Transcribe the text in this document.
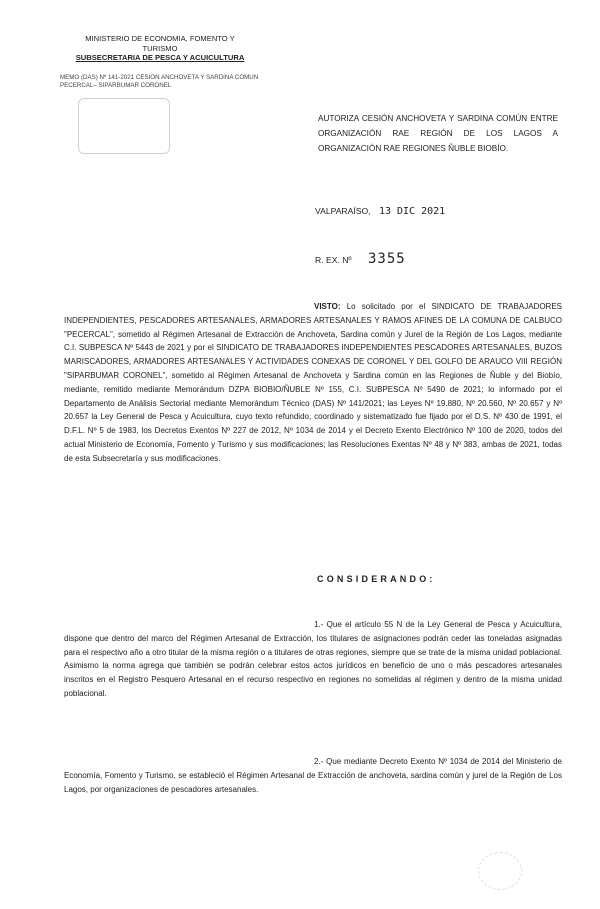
MINISTERIO DE ECONOMIA, FOMENTO Y
TURISMO
SUBSECRETARIA DE PESCA Y ACUICULTURA
MEMO (DAS) Nº 141-2021 CESION ANCHOVETA Y SARDINA COMUN PECERCAL– SIPARBUMAR CORONEL
AUTORIZA CESIÓN ANCHOVETA Y SARDINA COMÚN ENTRE ORGANIZACIÓN RAE REGIÓN DE LOS LAGOS A ORGANIZACIÓN RAE REGIONES ÑUBLE BIOBÍO.
VALPARAÍSO, 13 DIC 2021
R. EX. Nº 3355
VISTO: Lo solicitado por el SINDICATO DE TRABAJADORES INDEPENDIENTES, PESCADORES ARTESANALES, ARMADORES ARTESANALES Y RAMOS AFINES DE LA COMUNA DE CALBUCO "PECERCAL", sometido al Régimen Artesanal de Extracción de Anchoveta, Sardina común y Jurel de la Región de Los Lagos, mediante C.I. SUBPESCA Nº 5443 de 2021 y por el SINDICATO DE TRABAJADORES INDEPENDIENTES PESCADORES ARTESANALES, BUZOS MARISCADORES, ARMADORES ARTESANALES Y ACTIVIDADES CONEXAS DE CORONEL Y DEL GOLFO DE ARAUCO VIII REGIÓN "SIPARBUMAR CORONEL", sometido al Régimen Artesanal de Anchoveta y Sardina común en las Regiones de Ñuble y del Biobío, mediante, remitido mediante Memorándum DZPA BIOBIO/ÑUBLE Nº 155, C.I. SUBPESCA Nº 5490 de 2021; lo informado por el Departamento de Análisis Sectorial mediante Memorándum Técnico (DAS) Nº 141/2021; las Leyes Nº 19.880, Nº 20.560, Nº 20.657 y Nº 20.657 la Ley General de Pesca y Acuicultura, cuyo texto refundido, coordinado y sistematizado fue fijado por el D.S. Nº 430 de 1991, el D.F.L. Nº 5 de 1983, los Decretos Exentos Nº 227 de 2012, Nº 1034 de 2014 y el Decreto Exento Electrónico Nº 100 de 2020, todos del actual Ministerio de Economía, Fomento y Turismo y sus modificaciones; las Resoluciones Exentas Nº 48 y Nº 383, ambas de 2021, todas de esta Subsecretaría y sus modificaciones.
CONSIDERANDO:
1.- Que el artículo 55 N de la Ley General de Pesca y Acuicultura, dispone que dentro del marco del Régimen Artesanal de Extracción, los titulares de asignaciones podrán ceder las toneladas asignadas para el respectivo año a otro titular de la misma región o a titulares de otras regiones, siempre que se trate de la misma unidad poblacional. Asimismo la norma agrega que también se podrán celebrar estos actos jurídicos en beneficio de uno o más pescadores artesanales inscritos en el Registro Pesquero Artesanal en el recurso respectivo en regiones no sometidas al régimen y dentro de la misma unidad poblacional.
2.- Que mediante Decreto Exento Nº 1034 de 2014 del Ministerio de Economía, Fomento y Turismo, se estableció el Régimen Artesanal de Extracción de anchoveta, sardina común y jurel de la Región de Los Lagos, por organizaciones de pescadores artesanales.
